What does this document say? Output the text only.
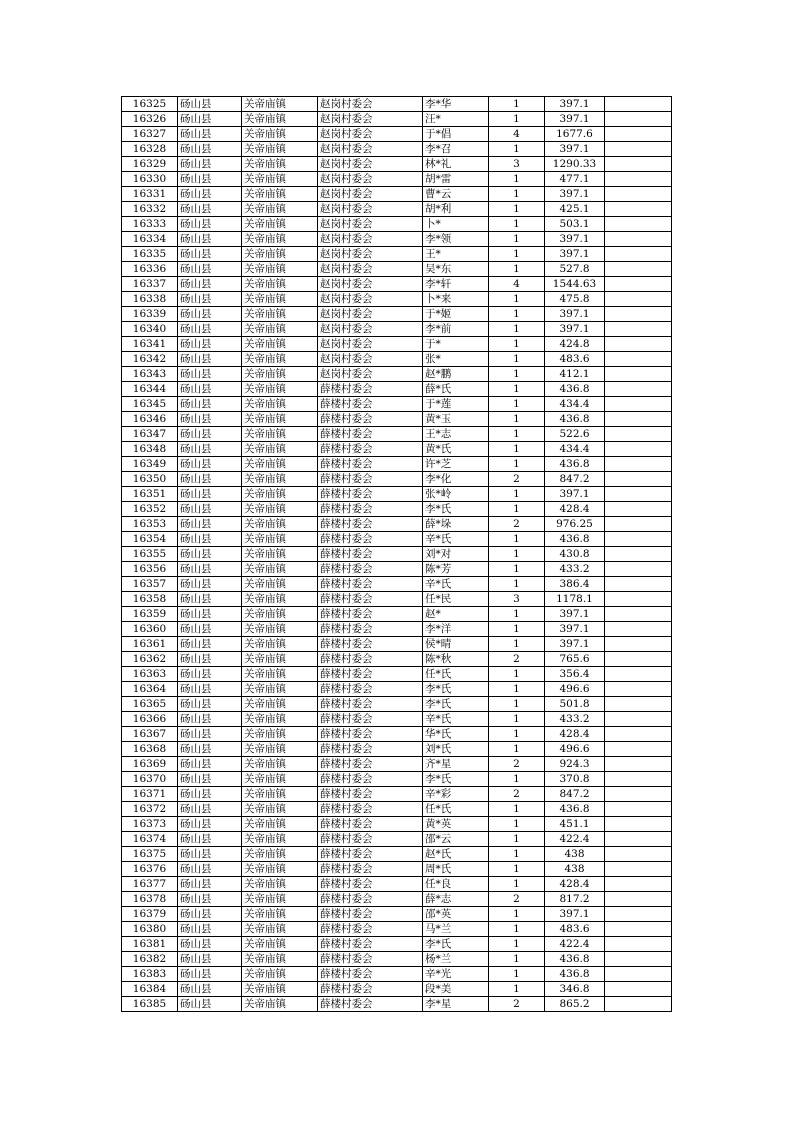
16325	砀山县	关帝庙镇	赵岗村委会	李*华	1	397.1	
16326	砀山县	关帝庙镇	赵岗村委会	汪*	1	397.1	
16327	砀山县	关帝庙镇	赵岗村委会	于*倡	4	1677.6	
16328	砀山县	关帝庙镇	赵岗村委会	李*召	1	397.1	
16329	砀山县	关帝庙镇	赵岗村委会	林*礼	3	1290.33	
16330	砀山县	关帝庙镇	赵岗村委会	胡*雷	1	477.1	
16331	砀山县	关帝庙镇	赵岗村委会	曹*云	1	397.1	
16332	砀山县	关帝庙镇	赵岗村委会	胡*利	1	425.1	
16333	砀山县	关帝庙镇	赵岗村委会	卜*	1	503.1	
16334	砀山县	关帝庙镇	赵岗村委会	李*领	1	397.1	
16335	砀山县	关帝庙镇	赵岗村委会	王*	1	397.1	
16336	砀山县	关帝庙镇	赵岗村委会	吴*东	1	527.8	
16337	砀山县	关帝庙镇	赵岗村委会	李*轩	4	1544.63	
16338	砀山县	关帝庙镇	赵岗村委会	卜*来	1	475.8	
16339	砀山县	关帝庙镇	赵岗村委会	于*姬	1	397.1	
16340	砀山县	关帝庙镇	赵岗村委会	李*前	1	397.1	
16341	砀山县	关帝庙镇	赵岗村委会	于*	1	424.8	
16342	砀山县	关帝庙镇	赵岗村委会	张*	1	483.6	
16343	砀山县	关帝庙镇	赵岗村委会	赵*鹏	1	412.1	
16344	砀山县	关帝庙镇	薛楼村委会	薛*氏	1	436.8	
16345	砀山县	关帝庙镇	薛楼村委会	于*莲	1	434.4	
16346	砀山县	关帝庙镇	薛楼村委会	黄*玉	1	436.8	
16347	砀山县	关帝庙镇	薛楼村委会	王*志	1	522.6	
16348	砀山县	关帝庙镇	薛楼村委会	黄*氏	1	434.4	
16349	砀山县	关帝庙镇	薛楼村委会	许*芝	1	436.8	
16350	砀山县	关帝庙镇	薛楼村委会	李*化	2	847.2	
16351	砀山县	关帝庙镇	薛楼村委会	张*岭	1	397.1	
16352	砀山县	关帝庙镇	薛楼村委会	李*氏	1	428.4	
16353	砀山县	关帝庙镇	薛楼村委会	薛*垛	2	976.25	
16354	砀山县	关帝庙镇	薛楼村委会	辛*氏	1	436.8	
16355	砀山县	关帝庙镇	薛楼村委会	刘*对	1	430.8	
16356	砀山县	关帝庙镇	薛楼村委会	陈*芳	1	433.2	
16357	砀山县	关帝庙镇	薛楼村委会	辛*氏	1	386.4	
16358	砀山县	关帝庙镇	薛楼村委会	任*民	3	1178.1	
16359	砀山县	关帝庙镇	薛楼村委会	赵*	1	397.1	
16360	砀山县	关帝庙镇	薛楼村委会	李*洋	1	397.1	
16361	砀山县	关帝庙镇	薛楼村委会	侯*晴	1	397.1	
16362	砀山县	关帝庙镇	薛楼村委会	陈*秋	2	765.6	
16363	砀山县	关帝庙镇	薛楼村委会	任*氏	1	356.4	
16364	砀山县	关帝庙镇	薛楼村委会	李*氏	1	496.6	
16365	砀山县	关帝庙镇	薛楼村委会	李*氏	1	501.8	
16366	砀山县	关帝庙镇	薛楼村委会	辛*氏	1	433.2	
16367	砀山县	关帝庙镇	薛楼村委会	华*氏	1	428.4	
16368	砀山县	关帝庙镇	薛楼村委会	刘*氏	1	496.6	
16369	砀山县	关帝庙镇	薛楼村委会	齐*星	2	924.3	
16370	砀山县	关帝庙镇	薛楼村委会	李*氏	1	370.8	
16371	砀山县	关帝庙镇	薛楼村委会	辛*彩	2	847.2	
16372	砀山县	关帝庙镇	薛楼村委会	任*氏	1	436.8	
16373	砀山县	关帝庙镇	薛楼村委会	黄*英	1	451.1	
16374	砀山县	关帝庙镇	薛楼村委会	邵*云	1	422.4	
16375	砀山县	关帝庙镇	薛楼村委会	赵*氏	1	438	
16376	砀山县	关帝庙镇	薛楼村委会	周*氏	1	438	
16377	砀山县	关帝庙镇	薛楼村委会	任*良	1	428.4	
16378	砀山县	关帝庙镇	薛楼村委会	薛*志	2	817.2	
16379	砀山县	关帝庙镇	薛楼村委会	邵*英	1	397.1	
16380	砀山县	关帝庙镇	薛楼村委会	马*兰	1	483.6	
16381	砀山县	关帝庙镇	薛楼村委会	李*氏	1	422.4	
16382	砀山县	关帝庙镇	薛楼村委会	杨*兰	1	436.8	
16383	砀山县	关帝庙镇	薛楼村委会	辛*光	1	436.8	
16384	砀山县	关帝庙镇	薛楼村委会	段*美	1	346.8	
16385	砀山县	关帝庙镇	薛楼村委会	李*星	2	865.2	
